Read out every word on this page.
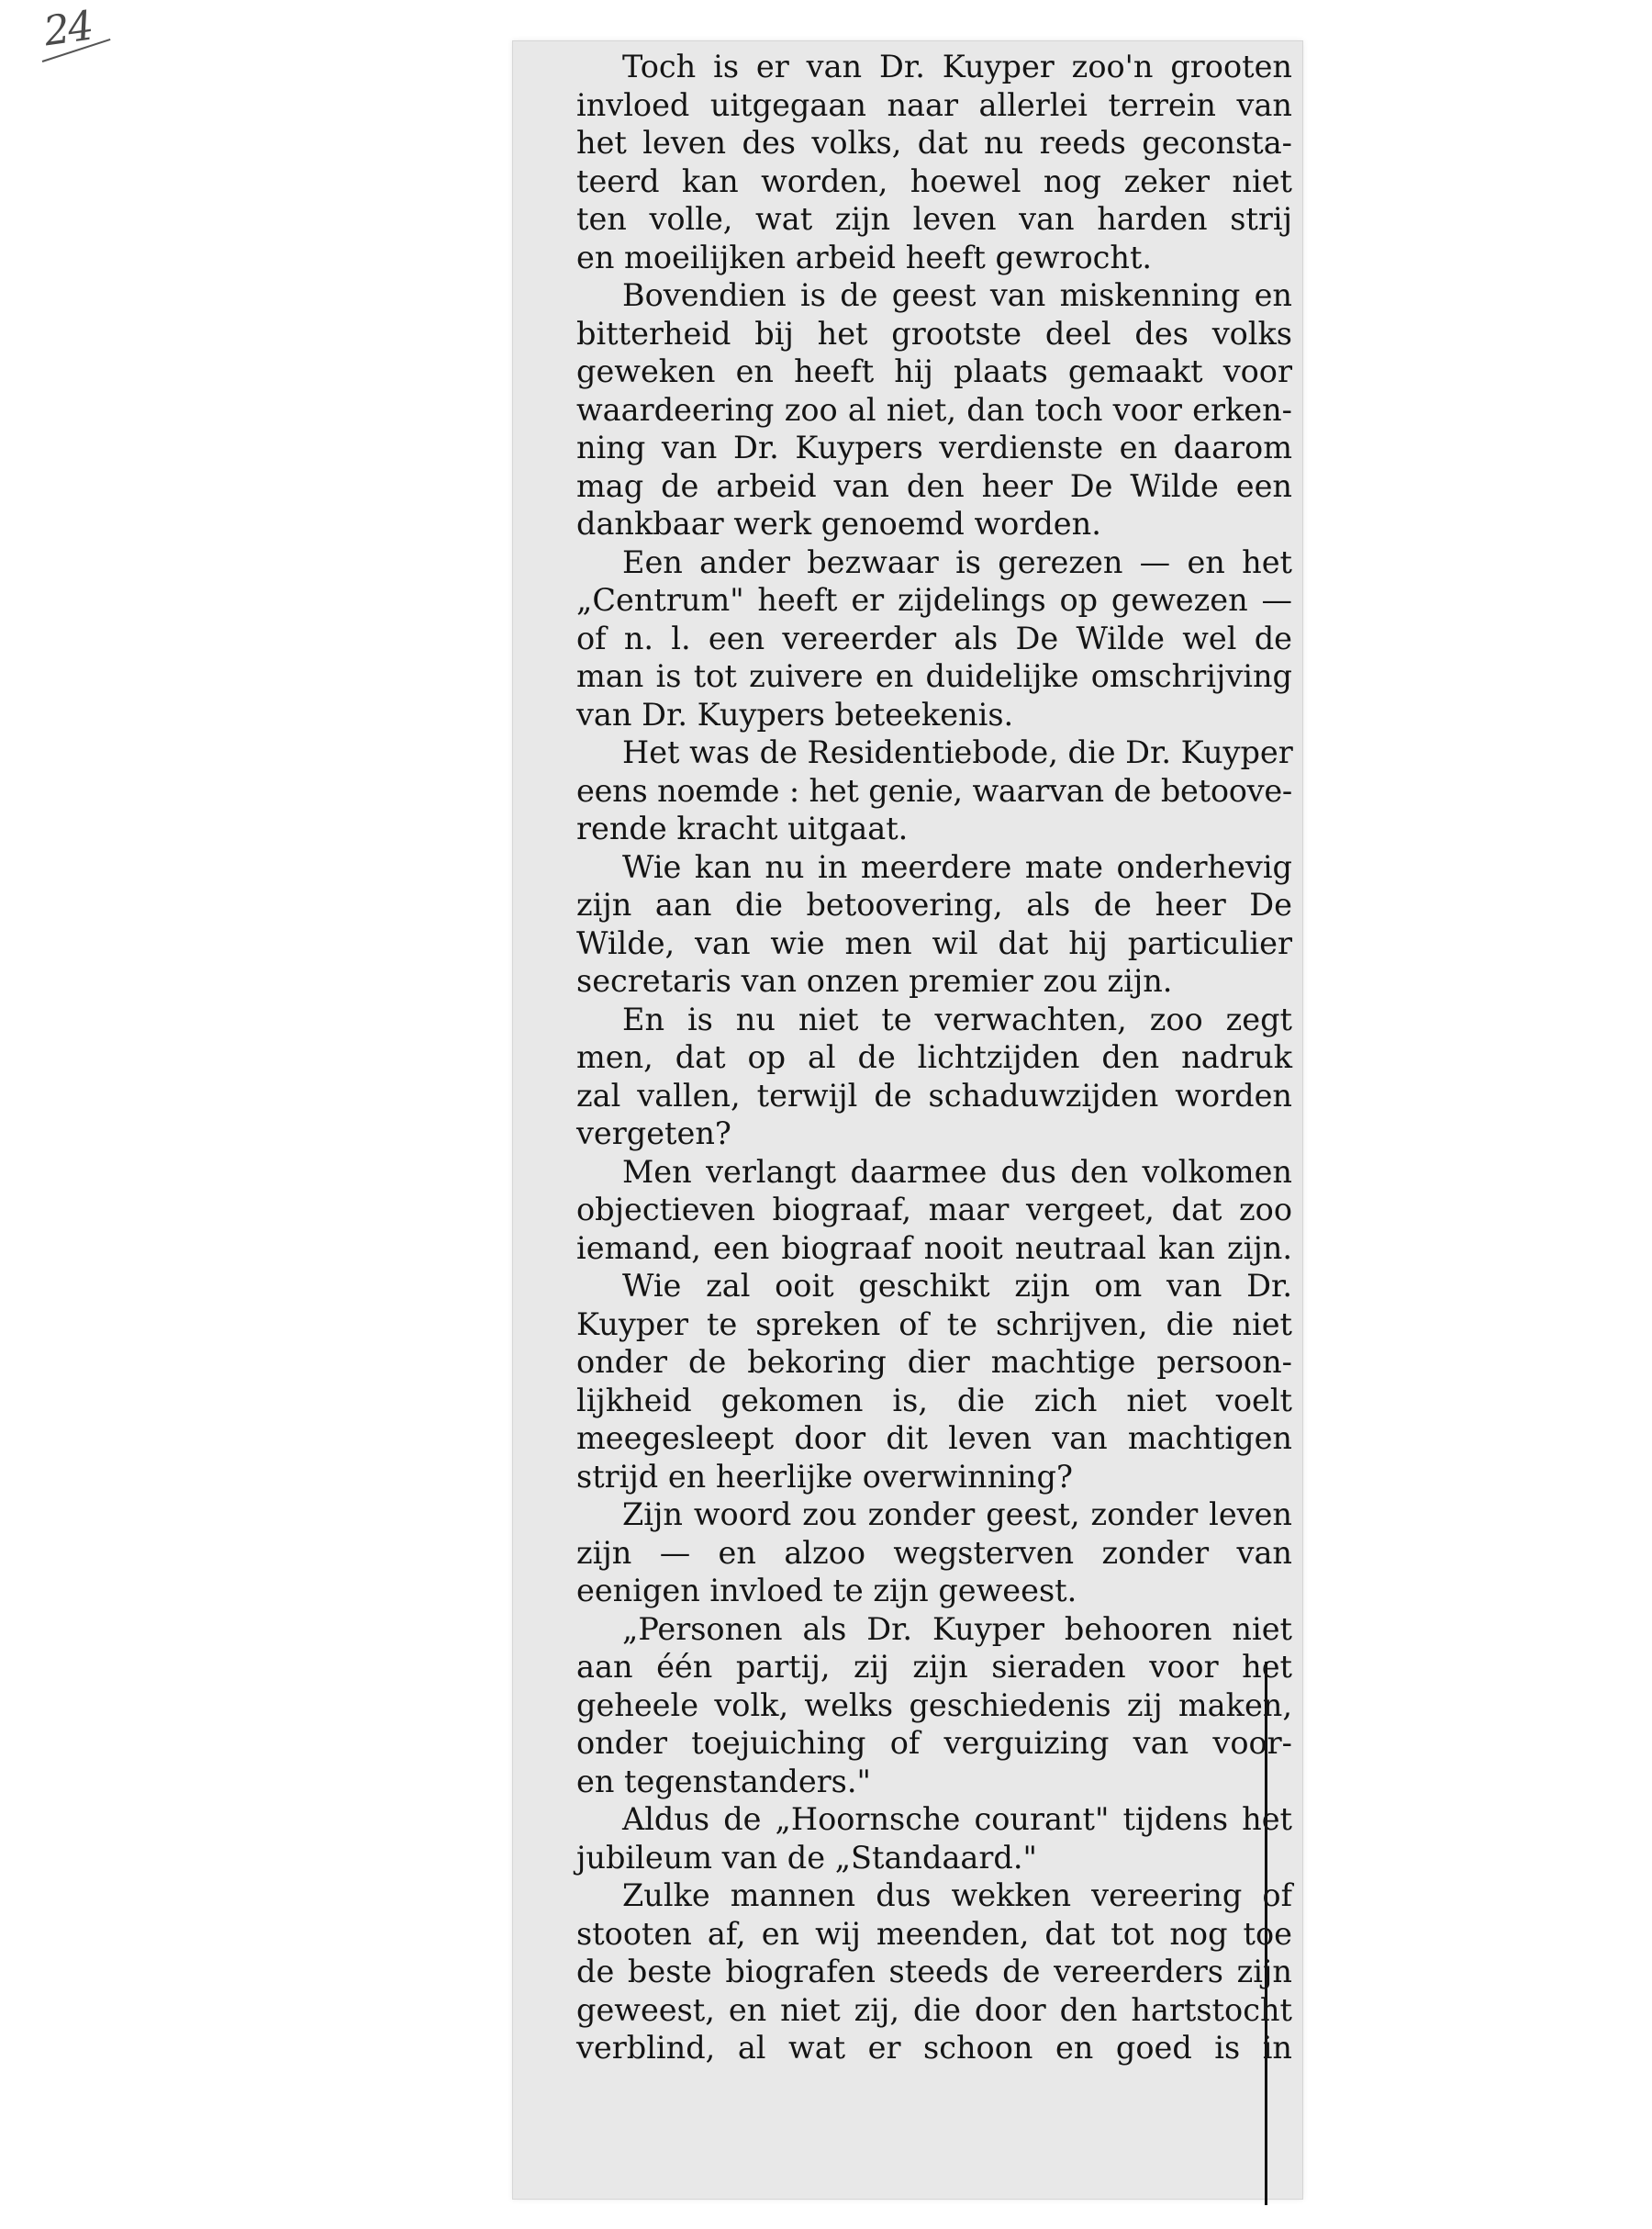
24
Toch is er van Dr. Kuyper zoo'n grooten
invloed uitgegaan naar allerlei terrein van
het leven des volks, dat nu reeds geconsta-
teerd kan worden, hoewel nog zeker niet
ten volle, wat zijn leven van harden strij
en moeilijken arbeid heeft gewrocht.
Bovendien is de geest van miskenning en
bitterheid bij het grootste deel des volks
geweken en heeft hij plaats gemaakt voor
waardeering zoo al niet, dan toch voor erken-
ning van Dr. Kuypers verdienste en daarom
mag de arbeid van den heer De Wilde een
dankbaar werk genoemd worden.
Een ander bezwaar is gerezen — en het
„Centrum" heeft er zijdelings op gewezen —
of n. l. een vereerder als De Wilde wel de
man is tot zuivere en duidelijke omschrijving
van Dr. Kuypers beteekenis.
Het was de Residentiebode, die Dr. Kuyper
eens noemde : het genie, waarvan de betoove-
rende kracht uitgaat.
Wie kan nu in meerdere mate onderhevig
zijn aan die betoovering, als de heer De
Wilde, van wie men wil dat hij particulier
secretaris van onzen premier zou zijn.
En is nu niet te verwachten, zoo zegt
men, dat op al de lichtzijden den nadruk
zal vallen, terwijl de schaduwzijden worden
vergeten?
Men verlangt daarmee dus den volkomen
objectieven biograaf, maar vergeet, dat zoo
iemand, een biograaf nooit neutraal kan zijn.
Wie zal ooit geschikt zijn om van Dr.
Kuyper te spreken of te schrijven, die niet
onder de bekoring dier machtige persoon-
lijkheid gekomen is, die zich niet voelt
meegesleept door dit leven van machtigen
strijd en heerlijke overwinning?
Zijn woord zou zonder geest, zonder leven
zijn — en alzoo wegsterven zonder van
eenigen invloed te zijn geweest.
„Personen als Dr. Kuyper behooren niet
aan één partij, zij zijn sieraden voor het
geheele volk, welks geschiedenis zij maken,
onder toejuiching of verguizing van voor-
en tegenstanders."
Aldus de „Hoornsche courant" tijdens het
jubileum van de „Standaard."
Zulke mannen dus wekken vereering of
stooten af, en wij meenden, dat tot nog toe
de beste biografen steeds de vereerders zijn
geweest, en niet zij, die door den hartstocht
verblind, al wat er schoon en goed is in
